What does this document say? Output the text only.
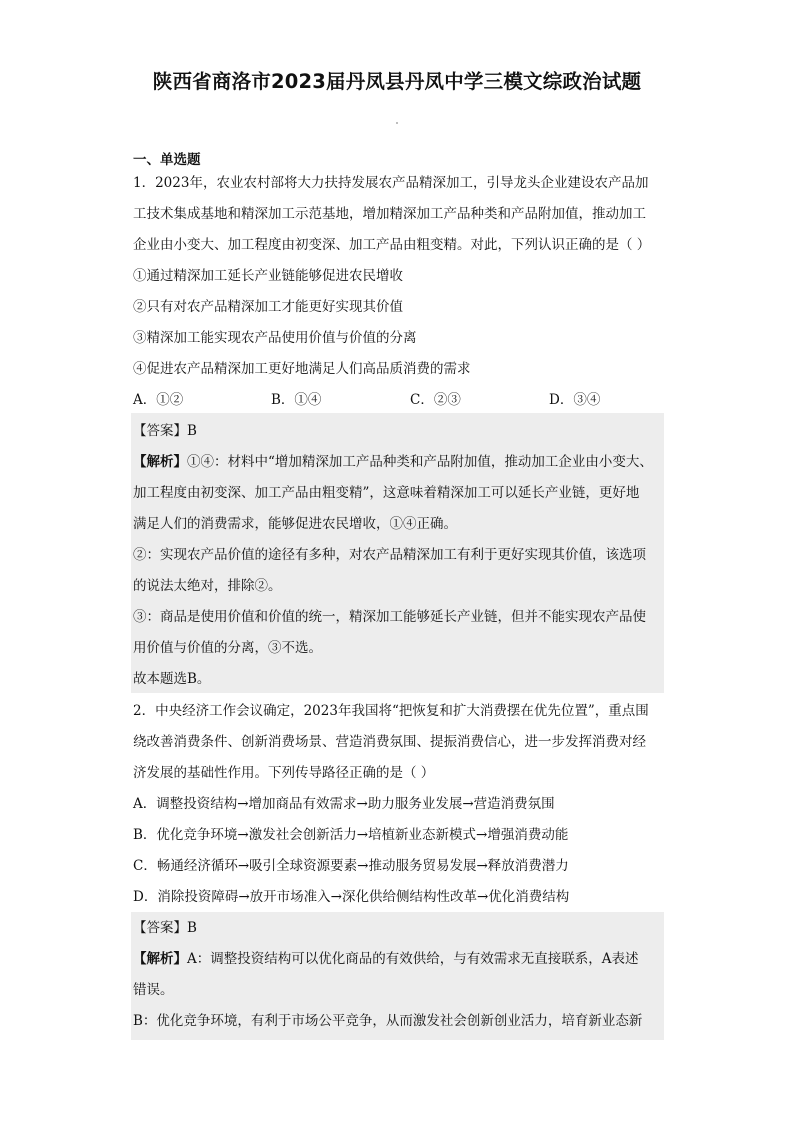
陕西省商洛市2023届丹凤县丹凤中学三模文综政治试题
一、单选题
1．2023年，农业农村部将大力扶持发展农产品精深加工，引导龙头企业建设农产品加
工技术集成基地和精深加工示范基地，增加精深加工产品种类和产品附加值，推动加工
企业由小变大、加工程度由初变深、加工产品由粗变精。对此，下列认识正确的是（ ）
①通过精深加工延长产业链能够促进农民增收
②只有对农产品精深加工才能更好实现其价值
③精深加工能实现农产品使用价值与价值的分离
④促进农产品精深加工更好地满足人们高品质消费的需求
A．①②	B．①④	C．②③	D．③④
【答案】B
【解析】①④：材料中“增加精深加工产品种类和产品附加值，推动加工企业由小变大、
加工程度由初变深、加工产品由粗变精”，这意味着精深加工可以延长产业链，更好地
满足人们的消费需求，能够促进农民增收，①④正确。
②：实现农产品价值的途径有多种，对农产品精深加工有利于更好实现其价值，该选项
的说法太绝对，排除②。
③：商品是使用价值和价值的统一，精深加工能够延长产业链，但并不能实现农产品使
用价值与价值的分离，③不选。
故本题选B。
2．中央经济工作会议确定，2023年我国将“把恢复和扩大消费摆在优先位置”，重点围
绕改善消费条件、创新消费场景、营造消费氛围、提振消费信心，进一步发挥消费对经
济发展的基础性作用。下列传导路径正确的是（ ）
A．调整投资结构→增加商品有效需求→助力服务业发展→营造消费氛围
B．优化竞争环境→激发社会创新活力→培植新业态新模式→增强消费动能
C．畅通经济循环→吸引全球资源要素→推动服务贸易发展→释放消费潜力
D．消除投资障碍→放开市场准入→深化供给侧结构性改革→优化消费结构
【答案】B
【解析】A：调整投资结构可以优化商品的有效供给，与有效需求无直接联系，A表述
错误。
B：优化竞争环境，有利于市场公平竞争，从而激发社会创新创业活力，培育新业态新
